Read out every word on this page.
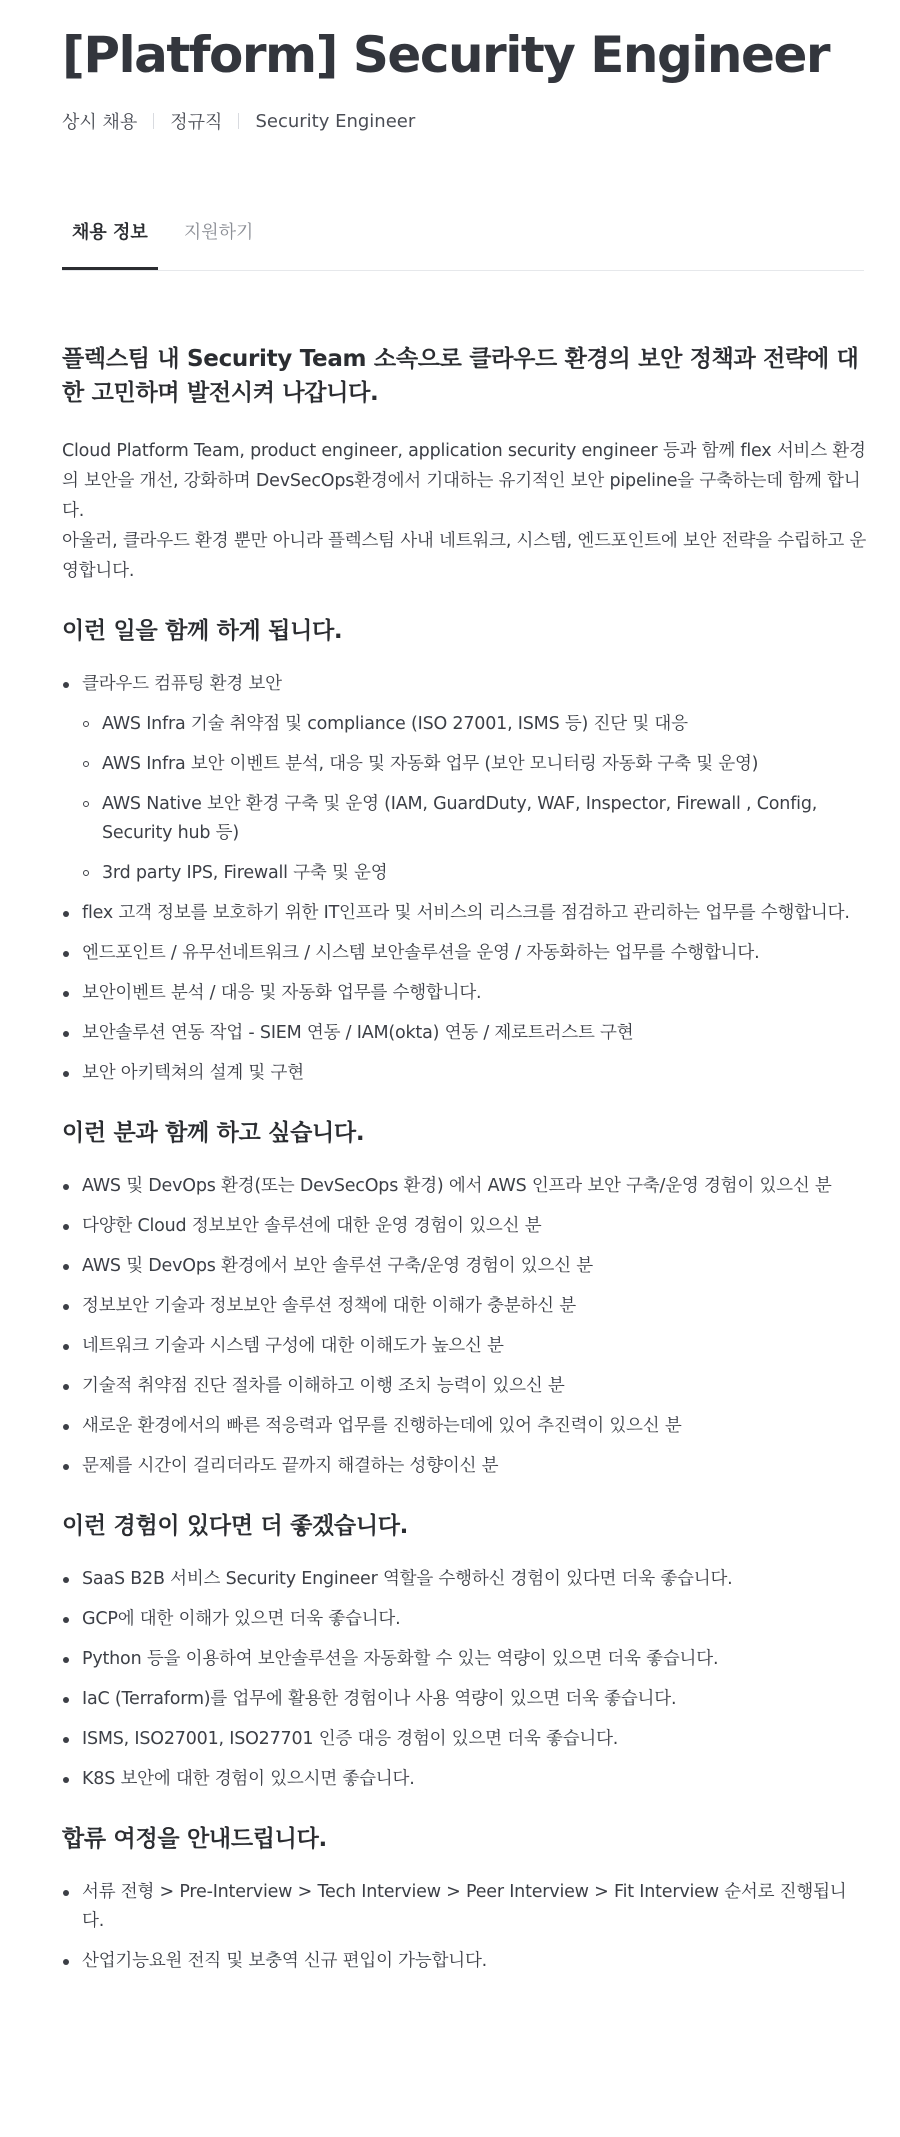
[Platform] Security Engineer
상시 채용 정규직 Security Engineer
채용 정보	지원하기
플렉스팀 내 Security Team 소속으로 클라우드 환경의 보안 정책과 전략에 대한 고민하며 발전시켜 나갑니다.

Cloud Platform Team, product engineer, application security engineer 등과 함께 flex 서비스 환경의 보안을 개선, 강화하며 DevSecOps환경에서 기대하는 유기적인 보안 pipeline을 구축하는데 함께 합니다.

아울러, 클라우드 환경 뿐만 아니라 플렉스팀 사내 네트워크, 시스템, 엔드포인트에 보안 전략을 수립하고 운영합니다.

이런 일을 함께 하게 됩니다.
클라우드 컴퓨팅 환경 보안
AWS Infra 기술 취약점 및 compliance (ISO 27001, ISMS 등) 진단 및 대응
AWS Infra 보안 이벤트 분석, 대응 및 자동화 업무 (보안 모니터링 자동화 구축 및 운영)
AWS Native 보안 환경 구축 및 운영 (IAM, GuardDuty, WAF, Inspector, Firewall , Config, Security hub 등)
3rd party IPS, Firewall 구축 및 운영
flex 고객 정보를 보호하기 위한 IT인프라 및 서비스의 리스크를 점검하고 관리하는 업무를 수행합니다.
엔드포인트 / 유무선네트워크 / 시스템 보안솔루션을 운영 / 자동화하는 업무를 수행합니다.
보안이벤트 분석 / 대응 및 자동화 업무를 수행합니다.
보안솔루션 연동 작업 - SIEM 연동 / IAM(okta) 연동 / 제로트러스트 구현
보안 아키텍쳐의 설계 및 구현
이런 분과 함께 하고 싶습니다.
AWS 및 DevOps 환경(또는 DevSecOps 환경) 에서 AWS 인프라 보안 구축/운영 경험이 있으신 분
다양한 Cloud 정보보안 솔루션에 대한 운영 경험이 있으신 분
AWS 및 DevOps 환경에서 보안 솔루션 구축/운영 경험이 있으신 분
정보보안 기술과 정보보안 솔루션 정책에 대한 이해가 충분하신 분
네트워크 기술과 시스템 구성에 대한 이해도가 높으신 분
기술적 취약점 진단 절차를 이해하고 이행 조치 능력이 있으신 분
새로운 환경에서의 빠른 적응력과 업무를 진행하는데에 있어 추진력이 있으신 분
문제를 시간이 걸리더라도 끝까지 해결하는 성향이신 분
이런 경험이 있다면 더 좋겠습니다.
SaaS B2B 서비스 Security Engineer 역할을 수행하신 경험이 있다면 더욱 좋습니다.
GCP에 대한 이해가 있으면 더욱 좋습니다.
Python 등을 이용하여 보안솔루션을 자동화할 수 있는 역량이 있으면 더욱 좋습니다.
IaC (Terraform)를 업무에 활용한 경험이나 사용 역량이 있으면 더욱 좋습니다.
ISMS, ISO27001, ISO27701 인증 대응 경험이 있으면 더욱 좋습니다.
K8S 보안에 대한 경험이 있으시면 좋습니다.
합류 여정을 안내드립니다.
서류 전형 > Pre-Interview > Tech Interview > Peer Interview > Fit Interview 순서로 진행됩니다.
산업기능요원 전직 및 보충역 신규 편입이 가능합니다.
